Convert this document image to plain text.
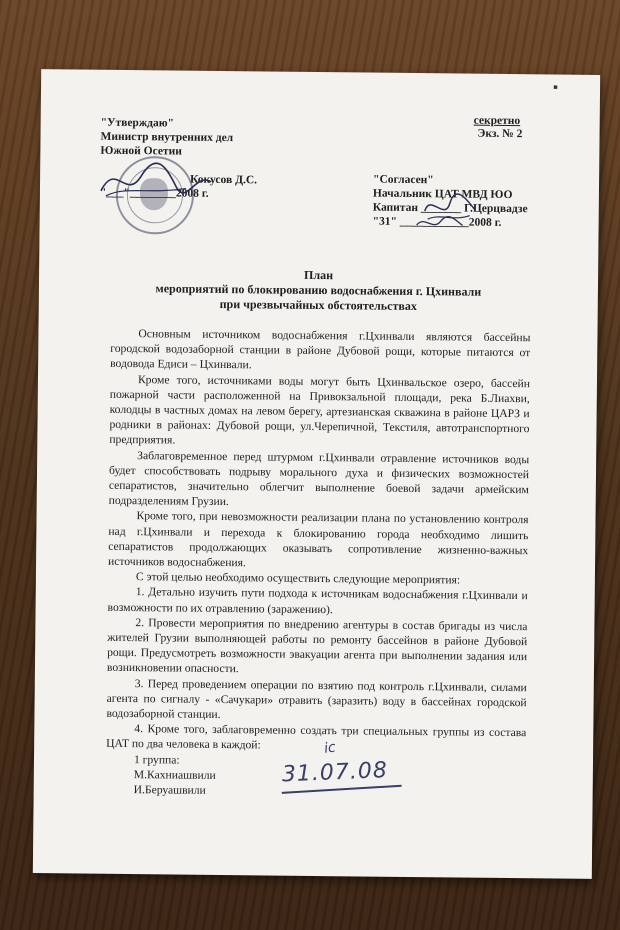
▪
секретно
Экз. № 2
"Утверждаю"
Министр внутренних дел
Южной Осетии
Кокусов Д.С.
"___"________2008 г.
"Согласен"
Начальник ЦАТ МВД ЮО
Капитан _______ Г.Церцвадзе
"31" ____________2008 г.
План
мероприятий по блокированию водоснабжения г. Цхинвали
при чрезвычайных обстоятельствах

Основным источником водоснабжения г.Цхинвали являются бассейны городской водозаборной станции в районе Дубовой рощи, которые питаются от водовода Едиси – Цхинвали.

Кроме того, источниками воды могут быть Цхинвальское озеро, бассейн пожарной части расположенной на Привокзальной площади, река Б.Лиахви, колодцы в частных домах на левом берегу, артезианская скважина в районе ЦАРЗ и родники в районах: Дубовой рощи, ул.Черепичной, Текстиля, автотранспортного предприятия.

Заблаговременное перед штурмом г.Цхинвали отравление источников воды будет способствовать подрыву морального духа и физических возможностей сепаратистов, значительно облегчит выполнение боевой задачи армейским подразделениям Грузии.

Кроме того, при невозможности реализации плана по установлению контроля над г.Цхинвали и перехода к блокированию города необходимо лишить сепаратистов продолжающих оказывать сопротивление жизненно-важных источников водоснабжения.

С этой целью необходимо осуществить следующие мероприятия:

1. Детально изучить пути подхода к источникам водоснабжения г.Цхинвали и возможности по их отравлению (заражению).

2. Провести мероприятия по внедрению агентуры в состав бригады из числа жителей Грузии выполняющей работы по ремонту бассейнов в районе Дубовой рощи. Предусмотреть возможности эвакуации агента при выполнении задания или возникновении опасности.

3. Перед проведением операции по взятию под контроль г.Цхинвали, силами агента по сигналу - «Сачукари» отравить (заразить) воду в бассейнах городской водозаборной станции.

4. Кроме того, заблаговременно создать три специальных группы из состава ЦАТ по два человека в каждой:

1 группа:

М.Кахниашвили

И.Беруашвили

ic
31.07.08
